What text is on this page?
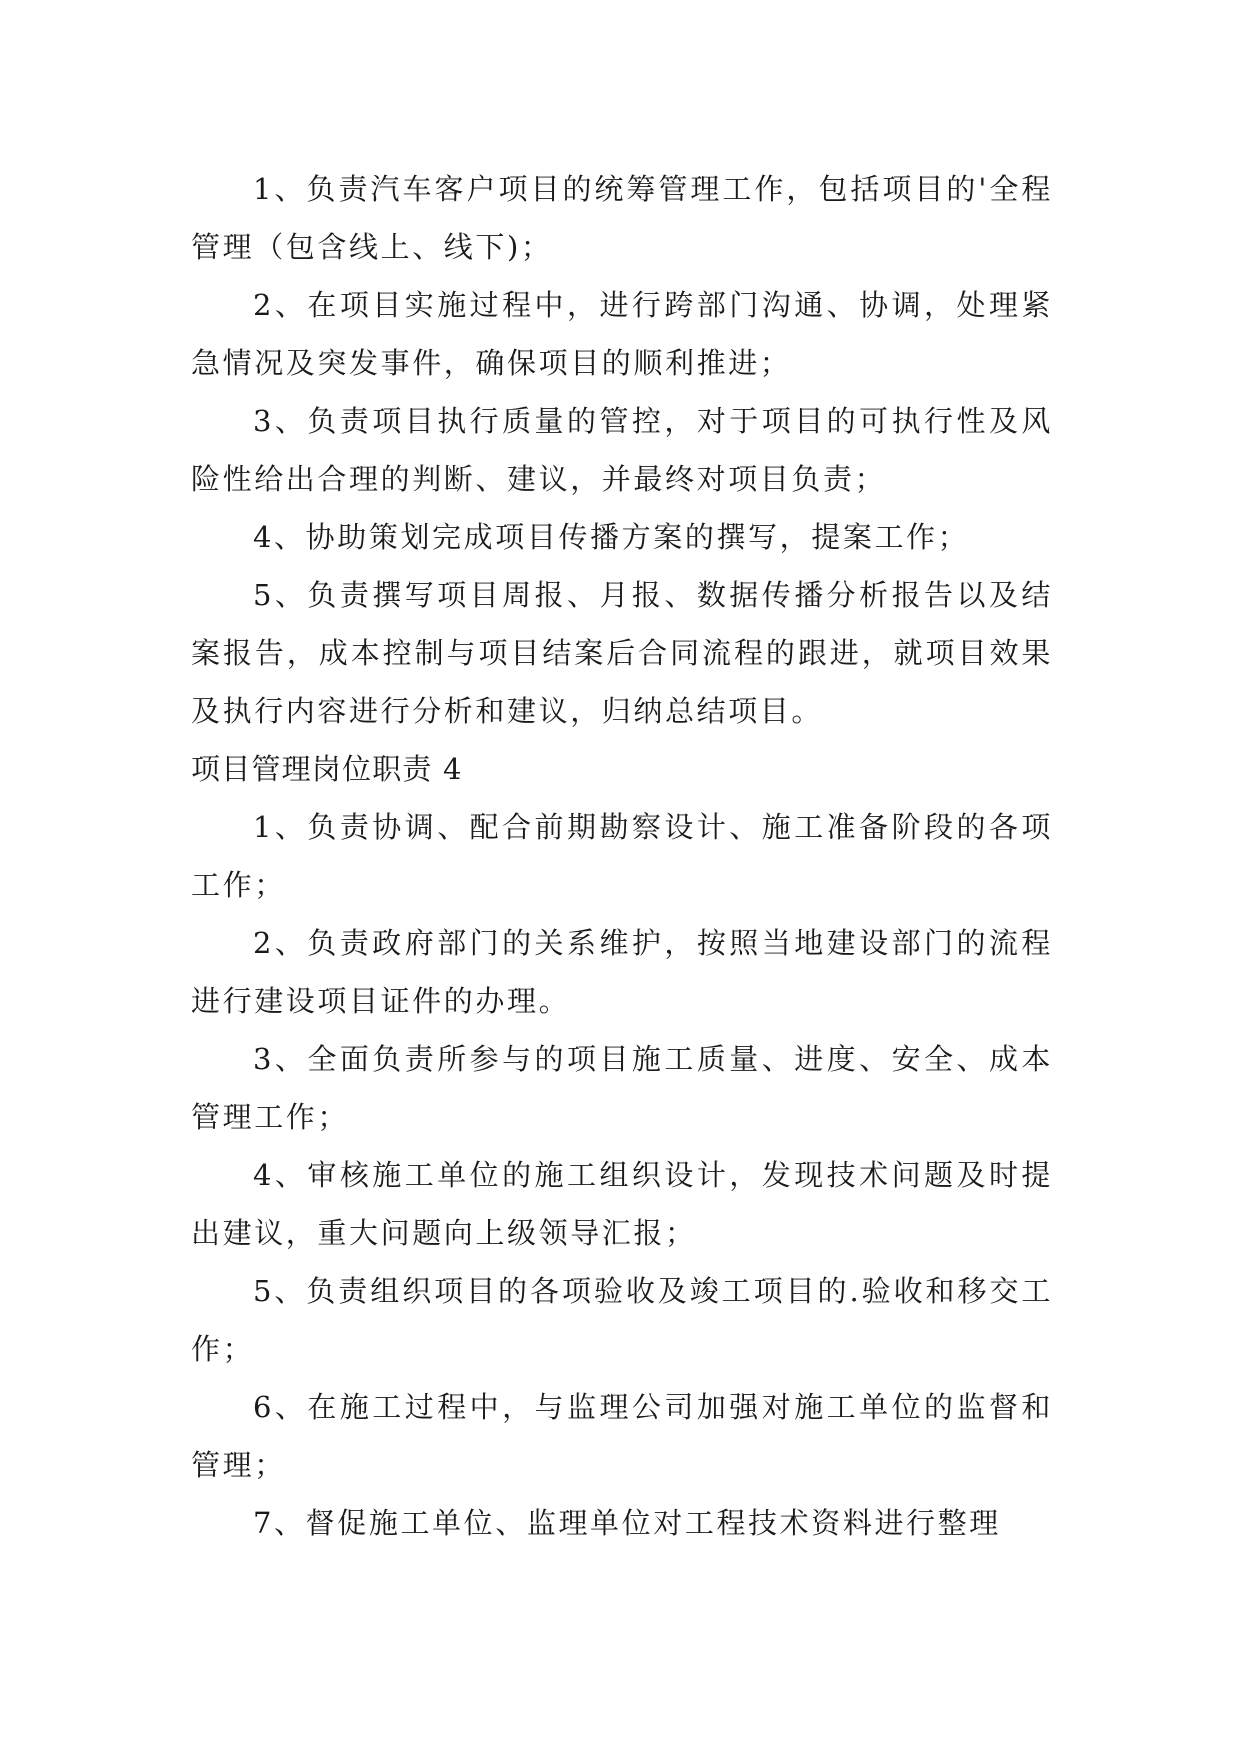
1、负责汽车客户项目的统筹管理工作，包括项目的'全程管理（包含线上、线下)；

2、在项目实施过程中，进行跨部门沟通、协调，处理紧急情况及突发事件，确保项目的顺利推进；

3、负责项目执行质量的管控，对于项目的可执行性及风险性给出合理的判断、建议，并最终对项目负责；

4、协助策划完成项目传播方案的撰写，提案工作；

5、负责撰写项目周报、月报、数据传播分析报告以及结案报告，成本控制与项目结案后合同流程的跟进，就项目效果及执行内容进行分析和建议，归纳总结项目。

项目管理岗位职责 4

1、负责协调、配合前期勘察设计、施工准备阶段的各项工作；

2、负责政府部门的关系维护，按照当地建设部门的流程进行建设项目证件的办理。

3、全面负责所参与的项目施工质量、进度、安全、成本管理工作；

4、审核施工单位的施工组织设计，发现技术问题及时提出建议，重大问题向上级领导汇报；

5、负责组织项目的各项验收及竣工项目的.验收和移交工作；

6、在施工过程中，与监理公司加强对施工单位的监督和管理；

7、督促施工单位、监理单位对工程技术资料进行整理
